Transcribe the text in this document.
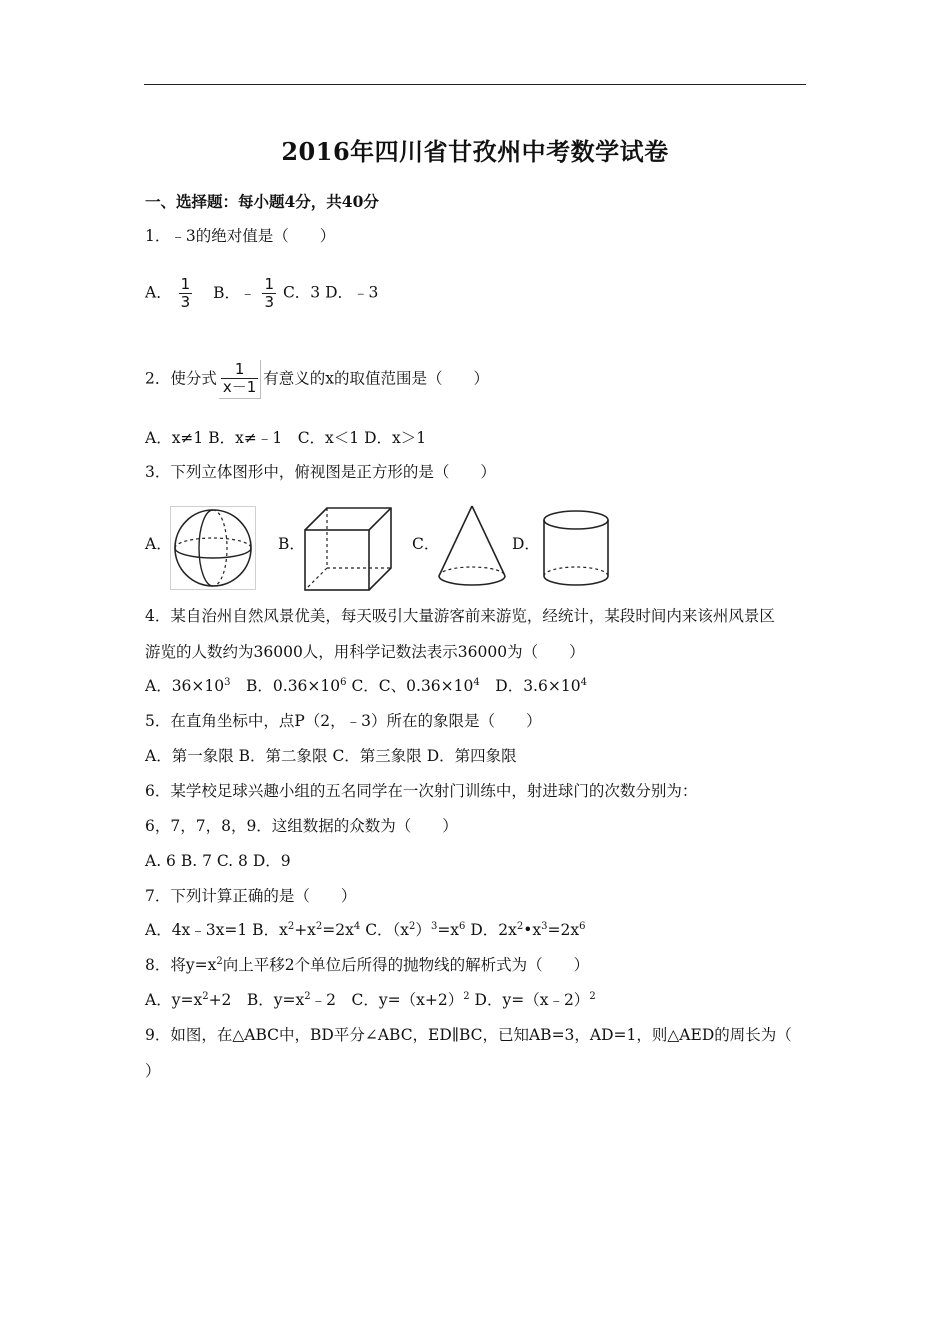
2016年四川省甘孜州中考数学试卷
一、选择题：每小题4分，共40分
1．﹣3的绝对值是（　　）
A． $\frac{1}{3}$ B．﹣ $\frac{1}{3}$ C．3 D．﹣3
2．使分式 $\frac{1}{x-1}$ 有意义的x的取值范围是（　　）
A．x≠1 B．x≠﹣1　C．x＜1 D．x＞1
3．下列立体图形中，俯视图是正方形的是（　　）
A．	B．	C．	D．
4．某自治州自然风景优美，每天吸引大量游客前来游览，经统计，某段时间内来该州风景区
游览的人数约为36000人，用科学记数法表示36000为（　　）
A．$36\times 10^3$　B．$0.36\times 10^6$ C．C、$0.36\times 10^4$　D．$3.6\times 10^4$
5．在直角坐标中，点P（2，﹣3）所在的象限是（　　）
A．第一象限 B．第二象限 C．第三象限 D．第四象限
6．某学校足球兴趣小组的五名同学在一次射门训练中，射进球门的次数分别为：
6，7，7，8，9．这组数据的众数为（　　）
A. 6 B. 7 C. 8 D．9
7．下列计算正确的是（　　）
A．4x﹣3x=1 B．$x^2+x^2=2x^4$ C．$(x^2)^3=x^6$ D．$2x^2•x^3=2x^6$
8．将$y=x^2$向上平移2个单位后所得的抛物线的解析式为（　　）
A．$y=x^2+2$　B．$y=x^2﹣2$　C．$y=(x+2)^2$ D．y=（x﹣2）$^2$
9．如图，在△ABC中，BD平分∠ABC，ED∥BC，已知AB=3，AD=1，则△AED的周长为（
）
